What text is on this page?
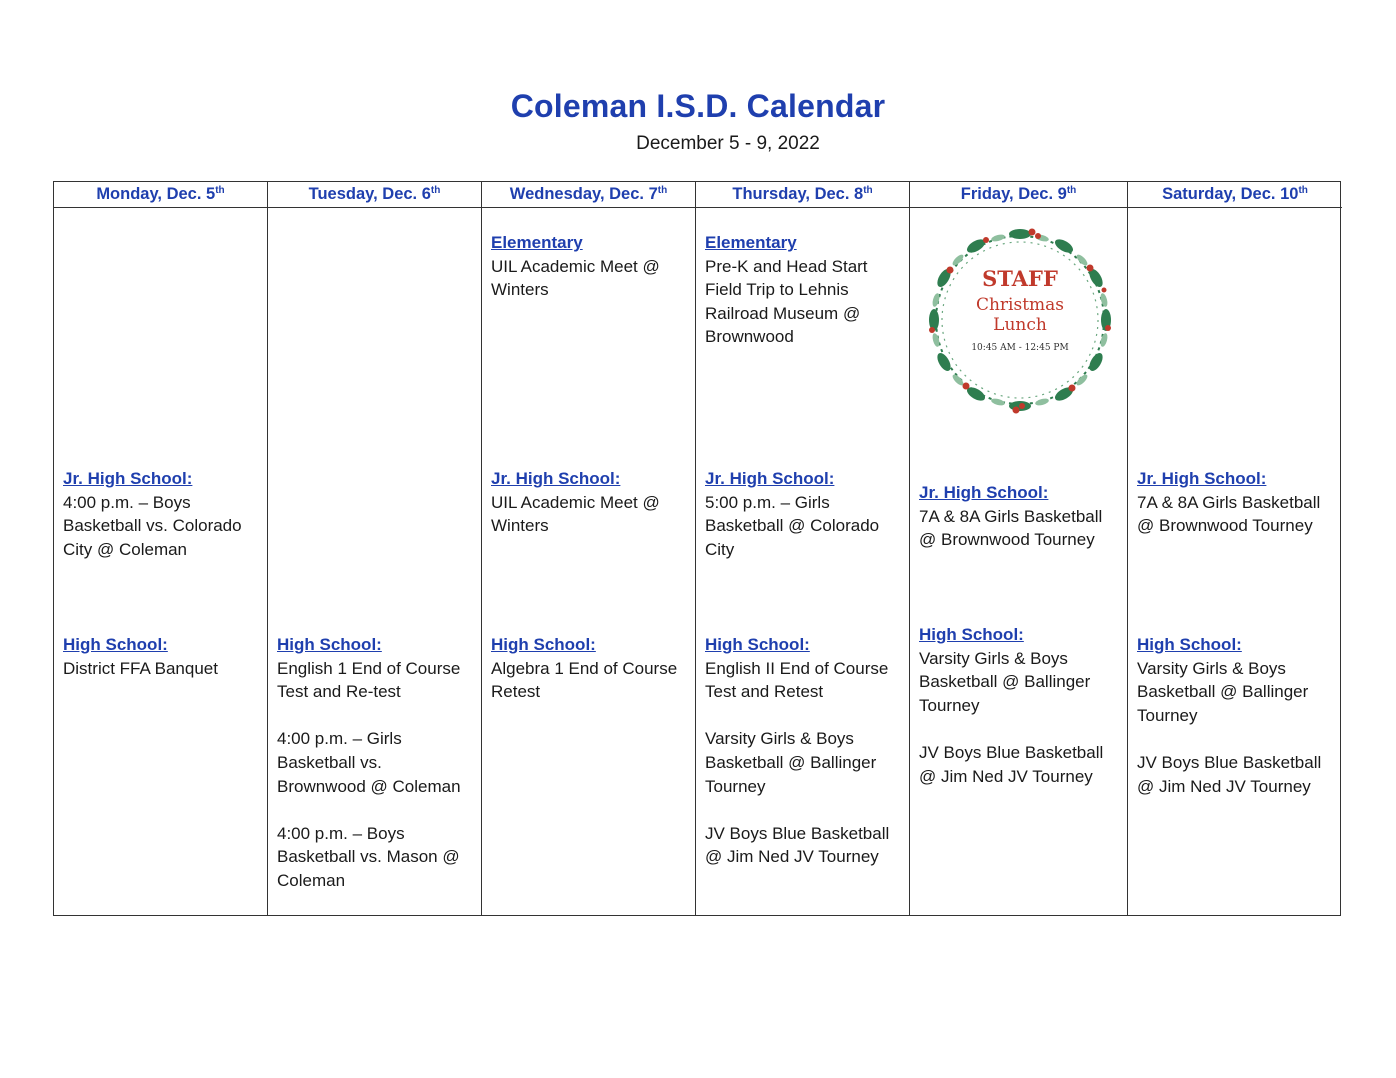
Coleman I.S.D. Calendar
December 5 - 9, 2022
Monday, Dec. 5th
Jr. High School:

4:00 p.m. – Boys Basketball vs. Colorado City @ Coleman

High School:

District FFA Banquet

Tuesday, Dec. 6th
High School:

English 1 End of Course Test and Re-test

4:00 p.m. – Girls Basketball vs. Brownwood @ Coleman

4:00 p.m. – Boys Basketball vs. Mason @ Coleman

Wednesday, Dec. 7th
Elementary

UIL Academic Meet @ Winters

Jr. High School:

UIL Academic Meet @ Winters

High School:

Algebra 1 End of Course Retest

Thursday, Dec. 8th
Elementary

Pre-K and Head Start Field Trip to Lehnis Railroad Museum @ Brownwood

Jr. High School:

5:00 p.m. – Girls Basketball @ Colorado City

High School:

English II End of Course Test and Retest

Varsity Girls & Boys Basketball @ Ballinger Tourney

JV Boys Blue Basketball @ Jim Ned JV Tourney

Friday, Dec. 9th
STAFF
Christmas
Lunch
10:45 AM - 12:45 PM
Jr. High School:

7A & 8A Girls Basketball @ Brownwood Tourney

High School:

Varsity Girls & Boys Basketball @ Ballinger Tourney

JV Boys Blue Basketball @ Jim Ned JV Tourney

Saturday, Dec. 10th
Jr. High School:

7A & 8A Girls Basketball @ Brownwood Tourney

High School:

Varsity Girls & Boys Basketball @ Ballinger Tourney

JV Boys Blue Basketball @ Jim Ned JV Tourney
